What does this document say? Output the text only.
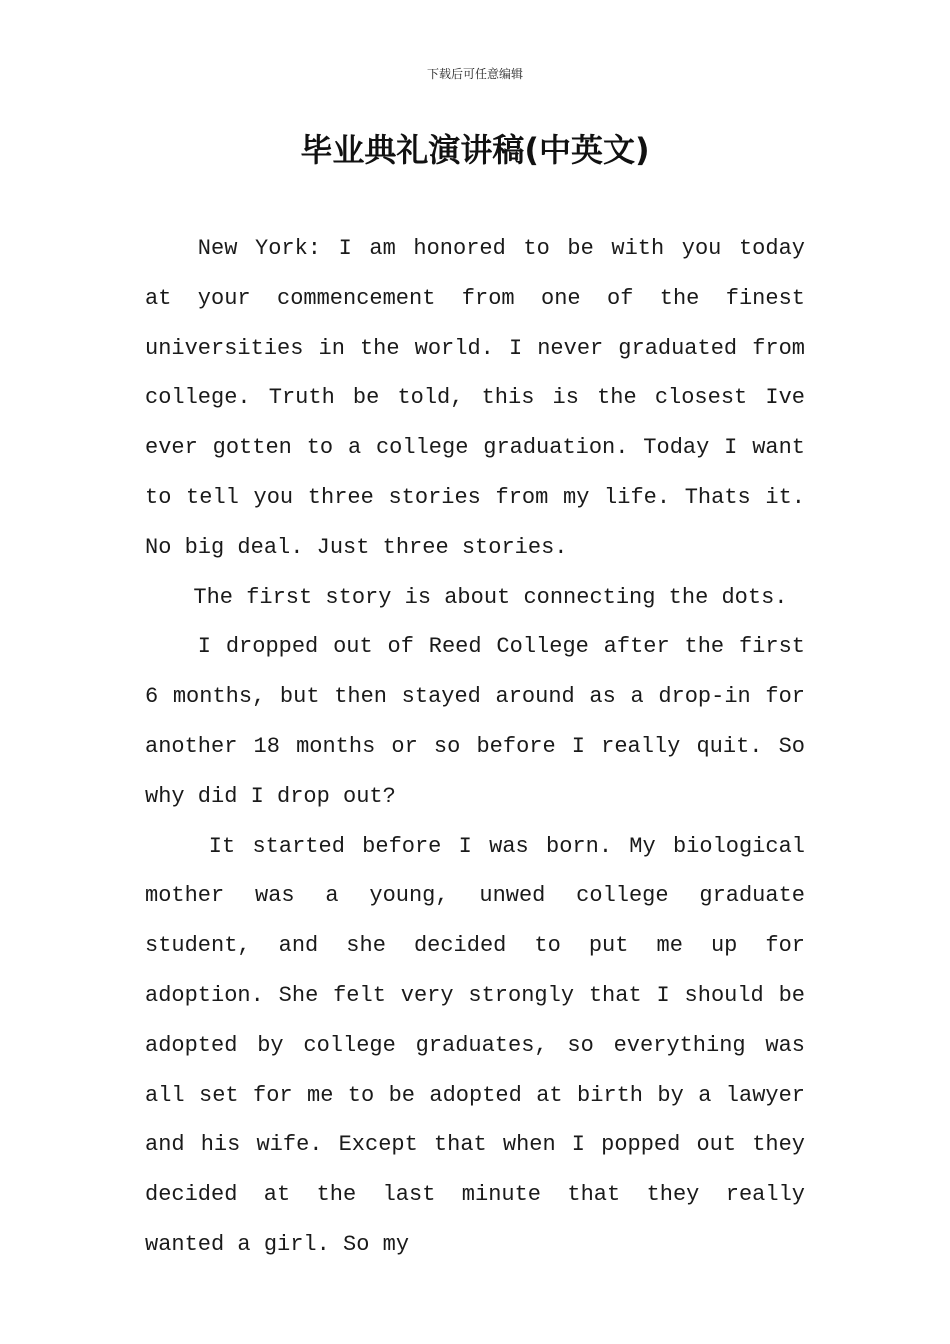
下载后可任意编辑
毕业典礼演讲稿(中英文)

New York: I am honored to be with you today at your commencement from one of the finest universities in the world. I never graduated from college. Truth be told, this is the closest Ive ever gotten to a college graduation. Today I want to tell you three stories from my life. Thats it. No big deal. Just three stories.

The first story is about connecting the dots.

I dropped out of Reed College after the first 6 months, but then stayed around as a drop-in for another 18 months or so before I really quit. So why did I drop out?

It started before I was born. My biological mother was a young, unwed college graduate student, and she decided to put me up for adoption. She felt very strongly that I should be adopted by college graduates, so everything was all set for me to be adopted at birth by a lawyer and his wife. Except that when I popped out they decided at the last minute that they really wanted a girl. So my
